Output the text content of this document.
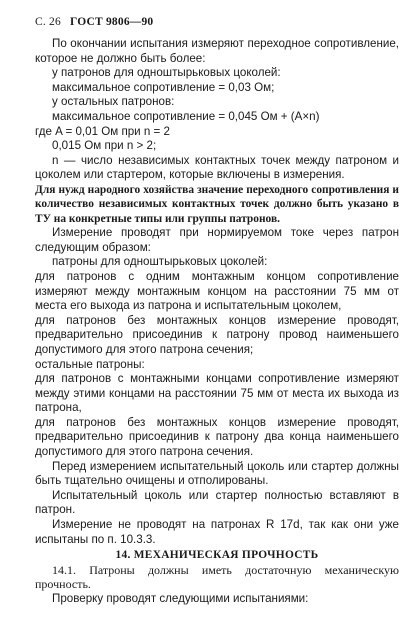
С. 26 ГОСТ 9806—90

По окончании испытания измеряют переходное сопротивление, которое не должно быть более:

у патронов для одноштырьковых цоколей:

максимальное сопротивление = 0,03 Ом;

у остальных патронов:

максимальное сопротивление = 0,045 Ом + (A×n)

где A = 0,01 Ом при n = 2

0,015 Ом при n > 2;

n — число независимых контактных точек между патроном и цоколем или стартером, которые включены в измерения.

Для нужд народного хозяйства значение переходного сопротивления и количество независимых контактных точек должно быть указано в ТУ на конкретные типы или группы патронов.

Измерение проводят при нормируемом токе через патрон следующим образом:

патроны для одноштырьковых цоколей:

для патронов с одним монтажным концом сопротивление измеряют между монтажным концом на расстоянии 75 мм от места его выхода из патрона и испытательным цоколем,

для патронов без монтажных концов измерение проводят, предварительно присоединив к патрону провод наименьшего допустимого для этого патрона сечения;

остальные патроны:

для патронов с монтажными концами сопротивление измеряют между этими концами на расстоянии 75 мм от места их выхода из патрона,

для патронов без монтажных концов измерение проводят, предварительно присоединив к патрону два конца наименьшего допустимого для этого патрона сечения.

Перед измерением испытательный цоколь или стартер должны быть тщательно очищены и отполированы.

Испытательный цоколь или стартер полностью вставляют в патрон.

Измерение не проводят на патронах R 17d, так как они уже испытаны по п. 10.3.3.

14. МЕХАНИЧЕСКАЯ ПРОЧНОСТЬ

14.1. Патроны должны иметь достаточную механическую прочность.

Проверку проводят следующими испытаниями:
